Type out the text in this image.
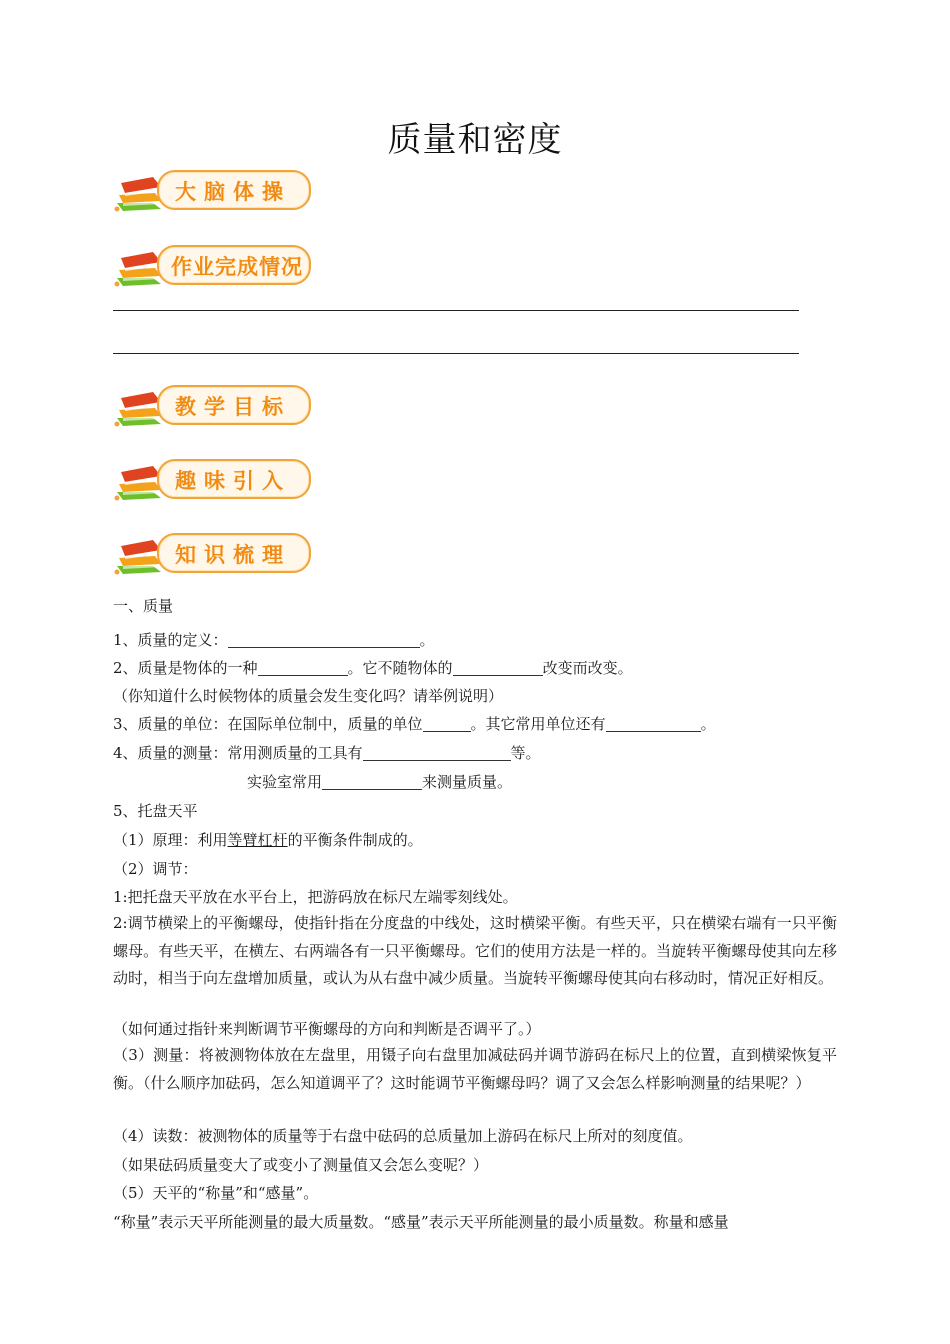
质量和密度
大脑体操
作业完成情况
教学目标
趣味引入
知识梳理
一、质量
1、质量的定义：	。
2、质量是物体的一种	。它不随物体的	改变而改变。
（你知道什么时候物体的质量会发生变化吗？请举例说明）
3、质量的单位：在国际单位制中，质量的单位	。其它常用单位还有	。
4、质量的测量：常用测质量的工具有	等。
实验室常用	来测量质量。
5、托盘天平
（1）原理：利用等臂杠杆的平衡条件制成的。
（2）调节：
1:把托盘天平放在水平台上，把游码放在标尺左端零刻线处。
2:调节横梁上的平衡螺母，使指针指在分度盘的中线处，这时横梁平衡。有些天平，只在横梁右端有一只平衡螺母。有些天平，在横左、右两端各有一只平衡螺母。它们的使用方法是一样的。当旋转平衡螺母使其向左移动时，相当于向左盘增加质量，或认为从右盘中减少质量。当旋转平衡螺母使其向右移动时，情况正好相反。
（如何通过指针来判断调节平衡螺母的方向和判断是否调平了。）
（3）测量：将被测物体放在左盘里，用镊子向右盘里加减砝码并调节游码在标尺上的位置，直到横梁恢复平衡。（什么顺序加砝码，怎么知道调平了？这时能调节平衡螺母吗？调了又会怎么样影响测量的结果呢？）
（4）读数：被测物体的质量等于右盘中砝码的总质量加上游码在标尺上所对的刻度值。
（如果砝码质量变大了或变小了测量值又会怎么变呢？）
（5）天平的“称量”和“感量”。
“称量”表示天平所能测量的最大质量数。“感量”表示天平所能测量的最小质量数。称量和感量
